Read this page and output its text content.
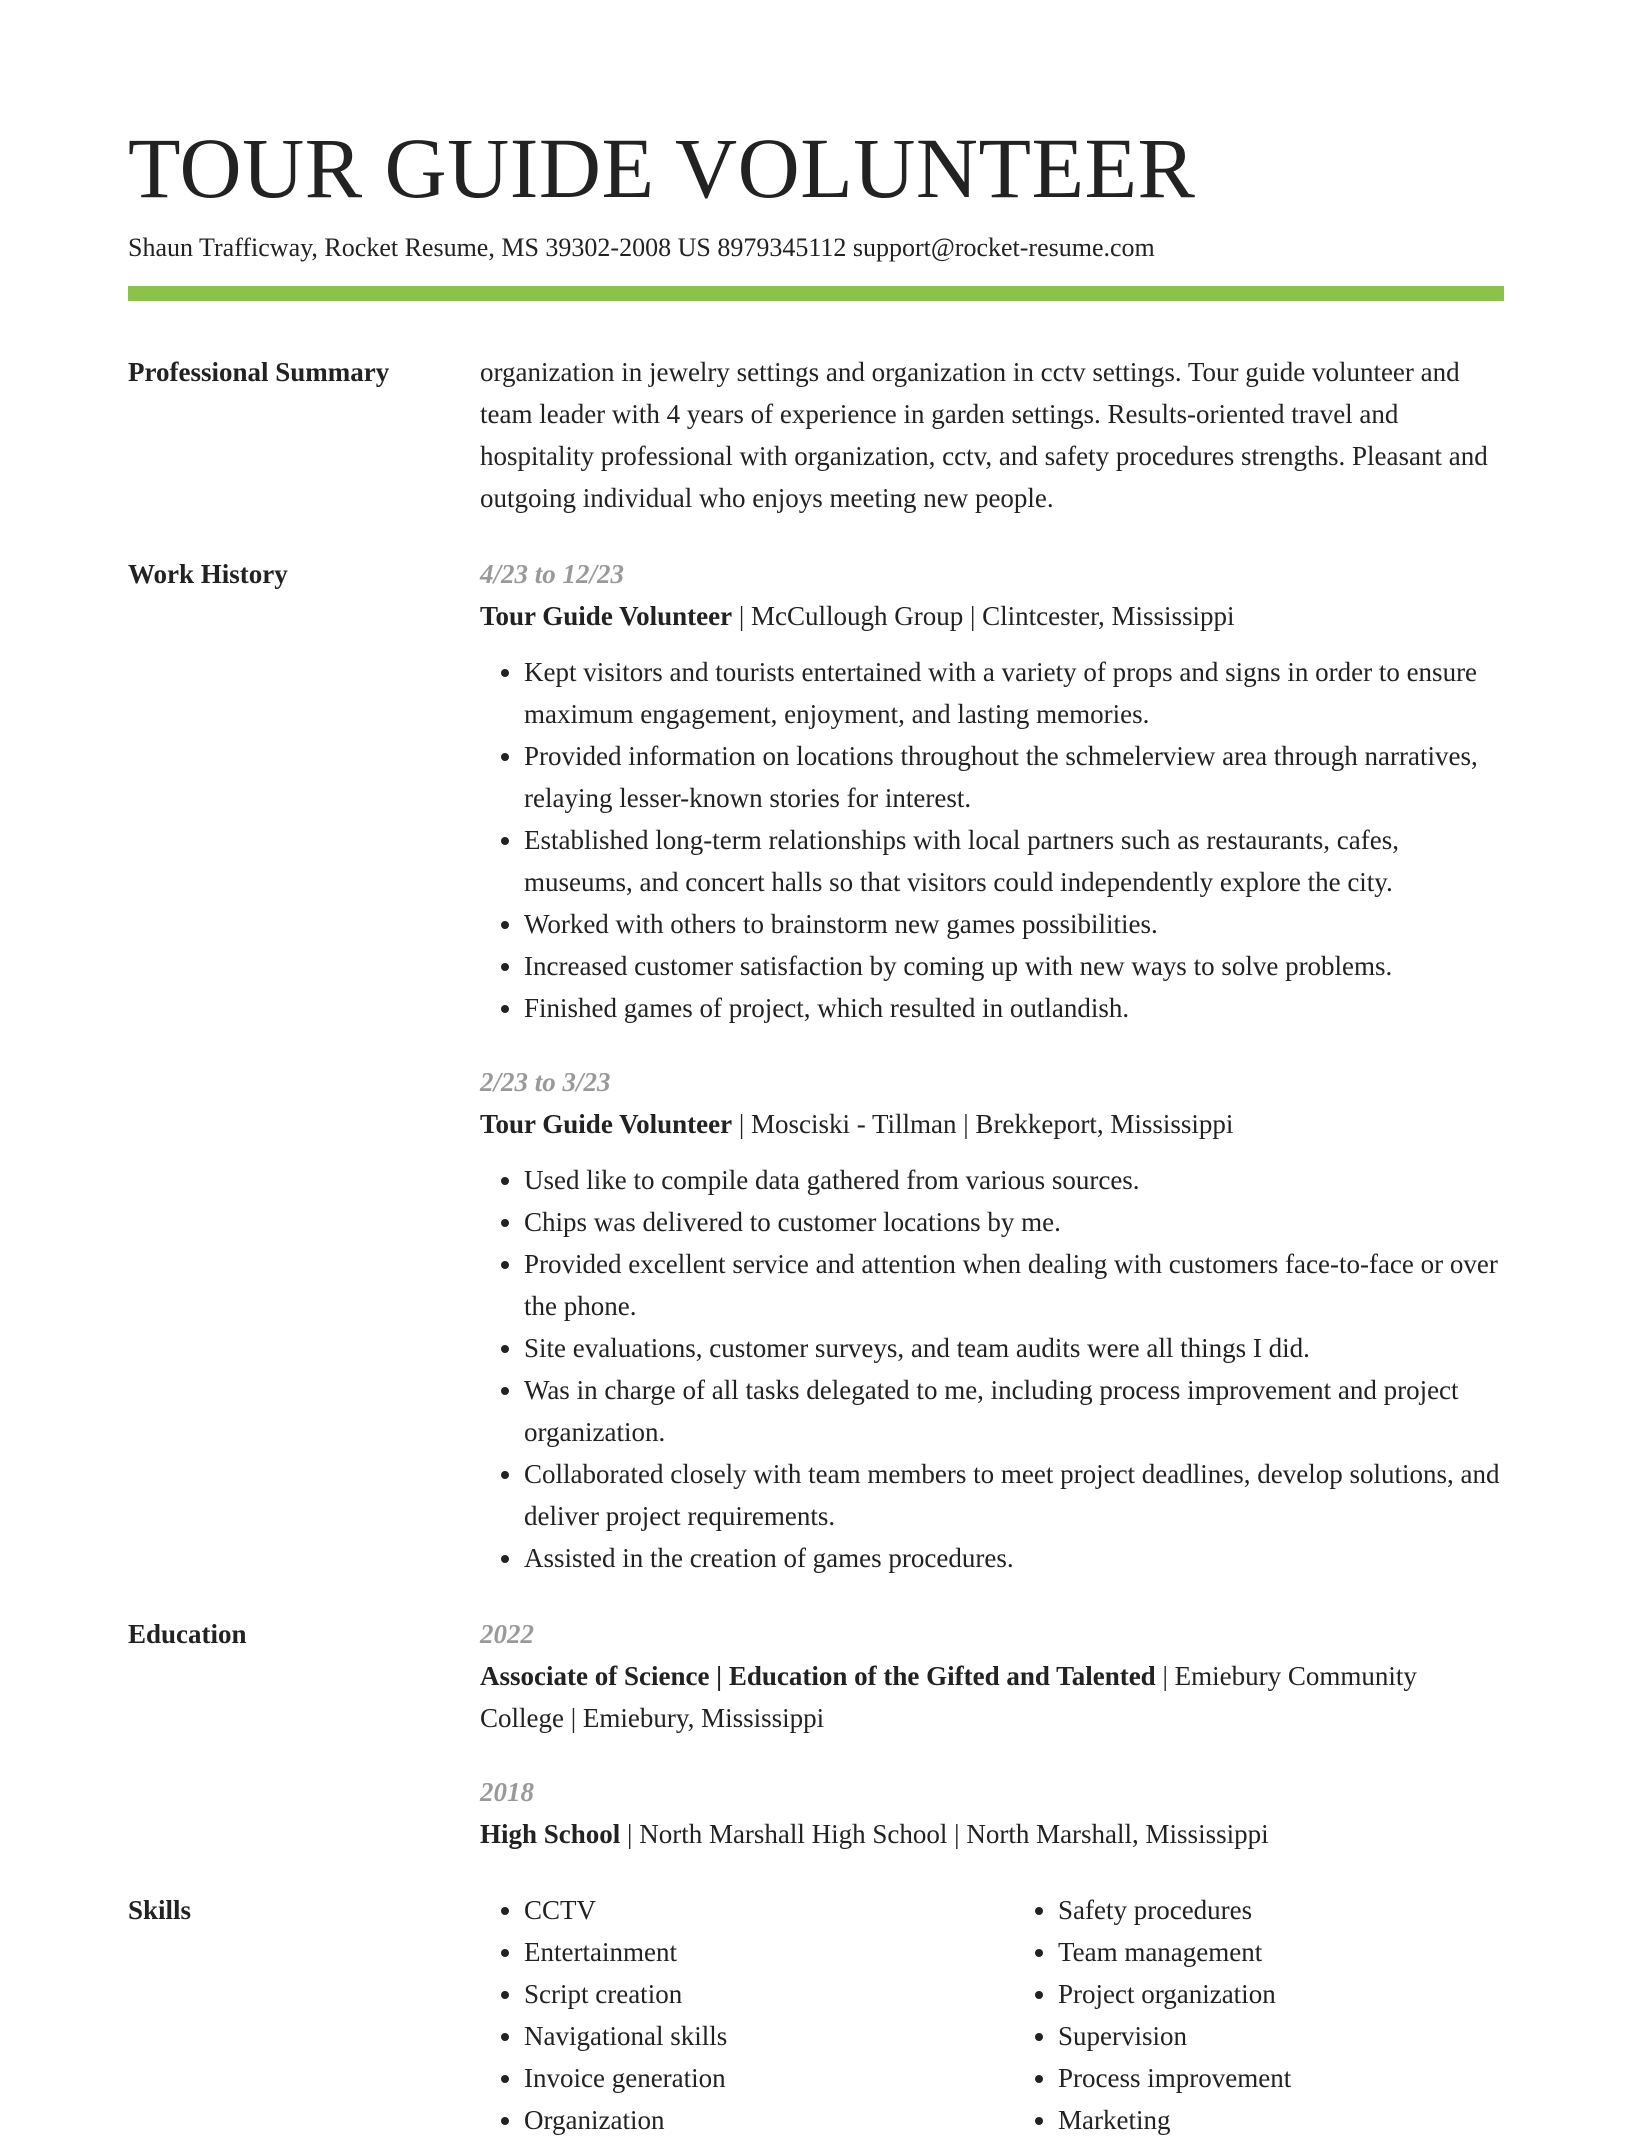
TOUR GUIDE VOLUNTEER
Shaun Trafficway, Rocket Resume, MS 39302-2008 US 8979345112 support@rocket-resume.com
Professional Summary	organization in jewelry settings and organization in cctv settings. Tour guide volunteer and team leader with 4 years of experience in garden settings. Results-oriented travel and hospitality professional with organization, cctv, and safety procedures strengths. Pleasant and outgoing individual who enjoys meeting new people.

Work History	4/23 to 12/23
Tour Guide Volunteer | McCullough Group | Clintcester, Mississippi
• Kept visitors and tourists entertained with a variety of props and signs in order to ensure maximum engagement, enjoyment, and lasting memories.
• Provided information on locations throughout the schmelerview area through narratives, relaying lesser-known stories for interest.
• Established long-term relationships with local partners such as restaurants, cafes, museums, and concert halls so that visitors could independently explore the city.
• Worked with others to brainstorm new games possibilities.
• Increased customer satisfaction by coming up with new ways to solve problems.
• Finished games of project, which resulted in outlandish.
2/23 to 3/23
Tour Guide Volunteer | Mosciski - Tillman | Brekkeport, Mississippi
• Used like to compile data gathered from various sources.
• Chips was delivered to customer locations by me.
• Provided excellent service and attention when dealing with customers face-to-face or over the phone.
• Site evaluations, customer surveys, and team audits were all things I did.
• Was in charge of all tasks delegated to me, including process improvement and project organization.
• Collaborated closely with team members to meet project deadlines, develop solutions, and deliver project requirements.
• Assisted in the creation of games procedures.
Education	2022
Associate of Science | Education of the Gifted and Talented | Emiebury Community College | Emiebury, Mississippi
2018
High School | North Marshall High School | North Marshall, Mississippi
Skills
•	CCTV
• Entertainment
• Script creation
• Navigational skills
• Invoice generation
• Organization
• Safety procedures
• Team management
• Project organization
• Supervision
• Process improvement
• Marketing
